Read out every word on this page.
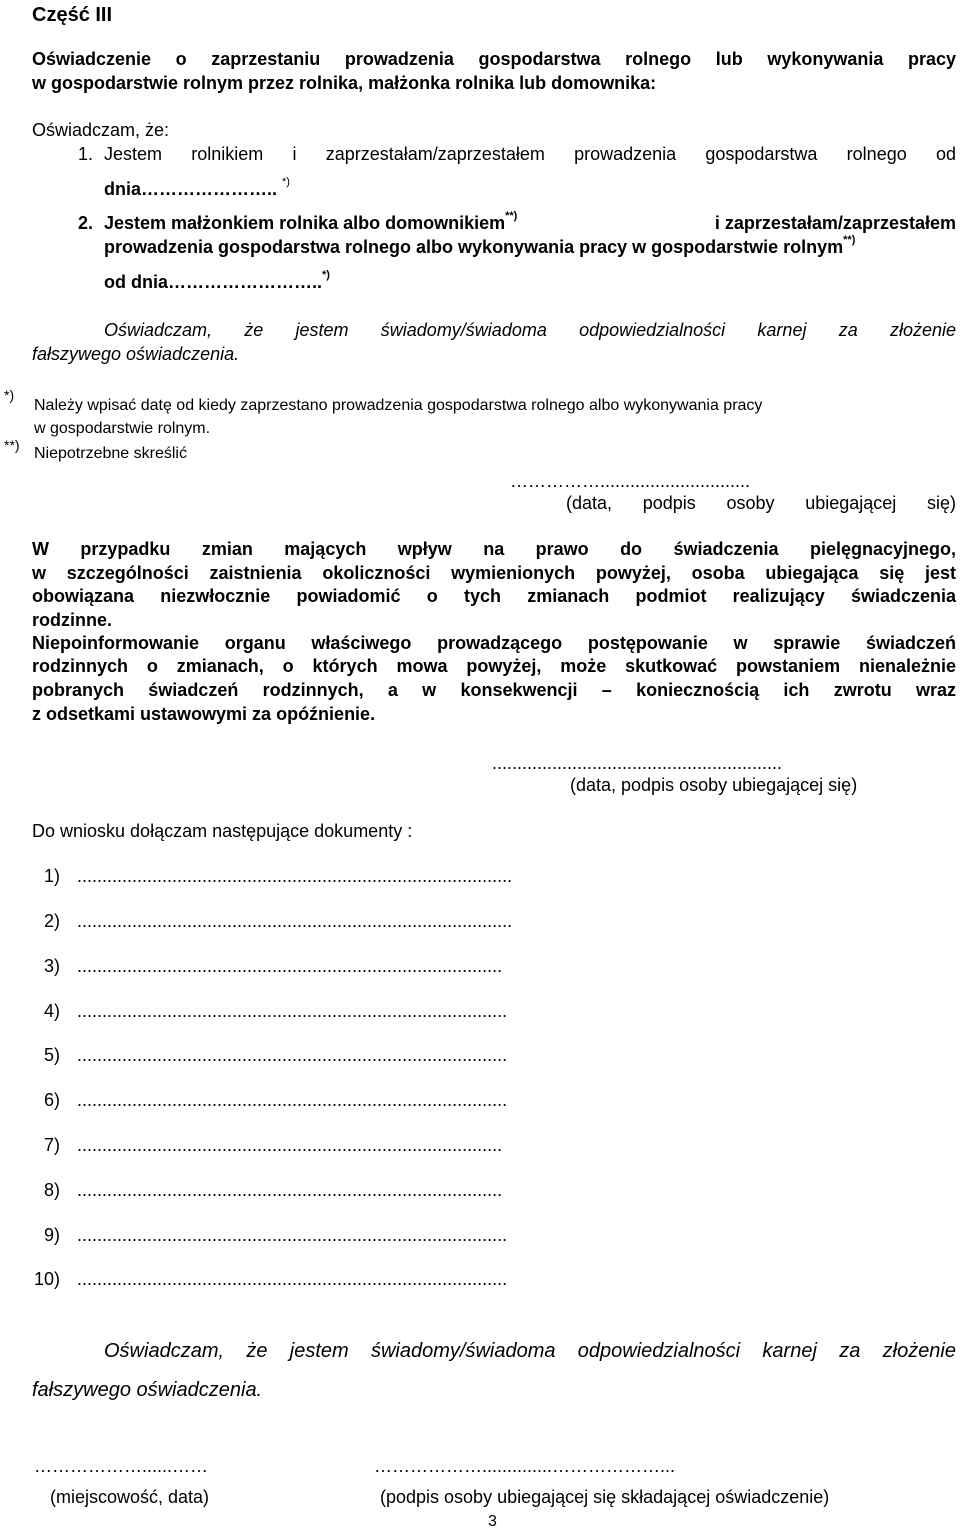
Część III
Oświadczenie o zaprzestaniu prowadzenia gospodarstwa rolnego lub wykonywania pracy
w gospodarstwie rolnym przez rolnika, małżonka rolnika lub domownika:
Oświadczam, że:
1. Jestem rolnikiem i zaprzestałam/zaprzestałem prowadzenia gospodarstwa rolnego od
dnia………………….. *)
2. Jestem małżonkiem rolnika albo domownikiem**)	i zaprzestałam/zaprzestałem
prowadzenia gospodarstwa rolnego albo wykonywania pracy w gospodarstwie rolnym**)
od dnia……………………..*)
Oświadczam, że jestem świadomy/świadoma odpowiedzialności karnej za złożenie
fałszywego oświadczenia.
*)
Należy wpisać datę od kiedy zaprzestano prowadzenia gospodarstwa rolnego albo wykonywania pracy
w gospodarstwie rolnym.
**) Niepotrzebne skreślić
……………..............................
(data, podpis osoby ubiegającej się)
W przypadku zmian mających wpływ na prawo do świadczenia pielęgnacyjnego,
w szczególności zaistnienia okoliczności wymienionych powyżej, osoba ubiegająca się jest
obowiązana niezwłocznie powiadomić o tych zmianach podmiot realizujący świadczenia
rodzinne.
Niepoinformowanie organu właściwego prowadzącego postępowanie w sprawie świadczeń
rodzinnych o zmianach, o których mowa powyżej, może skutkować powstaniem nienależnie
pobranych świadczeń rodzinnych, a w konsekwencji – koniecznością ich zwrotu wraz
z odsetkami ustawowymi za opóźnienie.
..........................................................
(data, podpis osoby ubiegającej się)
Do wniosku dołączam następujące dokumenty :
1) .......................................................................................
2) .......................................................................................
3) .....................................................................................
4) ......................................................................................
5) ......................................................................................
6) ......................................................................................
7) .....................................................................................
8) .....................................................................................
9) ......................................................................................
10) ......................................................................................
Oświadczam, że jestem świadomy/świadoma odpowiedzialności karnej za złożenie
fałszywego oświadczenia.
………………......……
(miejscowość, data)
………………..............………………...
(podpis osoby ubiegającej się składającej oświadczenie)
3
